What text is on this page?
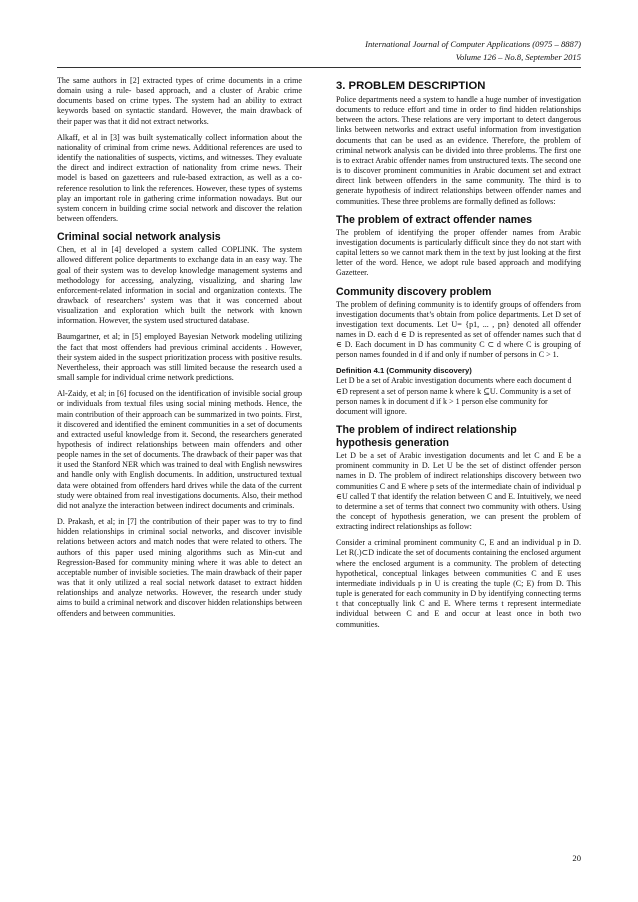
International Journal of Computer Applications (0975 – 8887)
Volume 126 – No.8, September 2015

The same authors in [2] extracted types of crime documents in a crime domain using a rule- based approach, and a cluster of Arabic crime documents based on crime types. The system had an ability to extract keywords based on syntactic standard. However, the main drawback of their paper was that it did not extract networks.

Alkaff, et al in [3] was built systematically collect information about the nationality of criminal from crime news. Additional references are used to identify the nationalities of suspects, victims, and witnesses. They evaluate the direct and indirect extraction of nationality from crime news. Their model is based on gazetteers and rule-based extraction, as well as a co-reference resolution to link the references. However, these types of systems play an important role in gathering crime information nowadays. But our system concern in building crime social network and discover the relation between offenders.

Criminal social network analysis

Chen, et al in [4] developed a system called COPLINK. The system allowed different police departments to exchange data in an easy way. The goal of their system was to develop knowledge management systems and methodology for accessing, analyzing, visualizing, and sharing law enforcement-related information in social and organization contexts. The drawback of researchers’ system was that it was concerned about visualization and exploration which built the network with known information. However, the system used structured database.

Baumgartner, et al; in [5] employed Bayesian Network modeling utilizing the fact that most offenders had previous criminal accidents . However, their system aided in the suspect prioritization process with positive results. Nevertheless, their approach was still limited because the research used a small sample for individual crime network predictions.

Al-Zaidy, et al; in [6] focused on the identification of invisible social group or individuals from textual files using social mining methods. Hence, the main contribution of their approach can be summarized in two points. First, it discovered and identified the eminent communities in a set of documents and extracted useful knowledge from it. Second, the researchers generated hypothesis of indirect relationships between main offenders and other people names in the set of documents. The drawback of their paper was that it used the Stanford NER which was trained to deal with English newswires and handle only with English documents. In addition, unstructured textual data were obtained from offenders hard drives while the data of the current study were obtained from real investigations documents. Also, their method did not analyze the interaction between indirect documents and criminals.

D. Prakash, et al; in [7] the contribution of their paper was to try to find hidden relationships in criminal social networks, and discover invisible relations between actors and match nodes that were related to others. The authors of this paper used mining algorithms such as Min-cut and Regression-Based for community mining where it was able to detect an acceptable number of invisible societies. The main drawback of their paper was that it only utilized a real social network dataset to extract hidden relationships and analyze networks. However, the research under study aims to build a criminal network and discover hidden relationships between offenders and between communities.

3. PROBLEM DESCRIPTION

Police departments need a system to handle a huge number of investigation documents to reduce effort and time in order to find hidden relationships between the actors. These relations are very important to detect dangerous links between networks and extract useful information from investigation documents that can be used as an evidence. Therefore, the problem of criminal network analysis can be divided into three problems. The first one is to extract Arabic offender names from unstructured texts. The second one is to discover prominent communities in Arabic document set and extract direct link between offenders in the same community. The third is to generate hypothesis of indirect relationships between offender names and communities. These three problems are formally defined as follows:

The problem of extract offender names

The problem of identifying the proper offender names from Arabic investigation documents is particularly difficult since they do not start with capital letters so we cannot mark them in the text by just looking at the first letter of the word. Hence, we adopt rule based approach and modifying Gazetteer.

Community discovery problem

The problem of defining community is to identify groups of offenders from investigation documents that’s obtain from police departments. Let D set of investigation text documents. Let U= {p1, ... , pn} denoted all offender names in D. each d ∈ D is represented as set of offender names such that d ∈ D. Each document in D has community C ⊂ d where C is grouping of person names founded in d if and only if number of persons in C > 1.

Definition 4.1 (Community discovery)

Let D be a set of Arabic investigation documents where each document d ∈D represent a set of person name k where k ⊆U. Community is a set of person names k in document d if k > 1 person else community for document will ignore.

The problem of indirect relationship
hypothesis generation

Let D be a set of Arabic investigation documents and let C and E be a prominent community in D. Let U be the set of distinct offender person names in D. The problem of indirect relationships discovery between two communities C and E where p sets of the intermediate chain of individual p ∈U called T that identify the relation between C and E. Intuitively, we need to determine a set of terms that connect two community with others. Using the concept of hypothesis generation, we can present the problem of extracting indirect relationships as follow:

Consider a criminal prominent community C, E and an individual p in D. Let R(.)⊂D indicate the set of documents containing the enclosed argument where the enclosed argument is a community. The problem of detecting hypothetical, conceptual linkages between communities C and E uses intermediate individuals p in U is creating the tuple (C; E) from D. This tuple is generated for each community in D by identifying connecting terms t that conceptually link C and E. Where terms t represent intermediate individual between C and E and occur at least once in both two communities.

20
